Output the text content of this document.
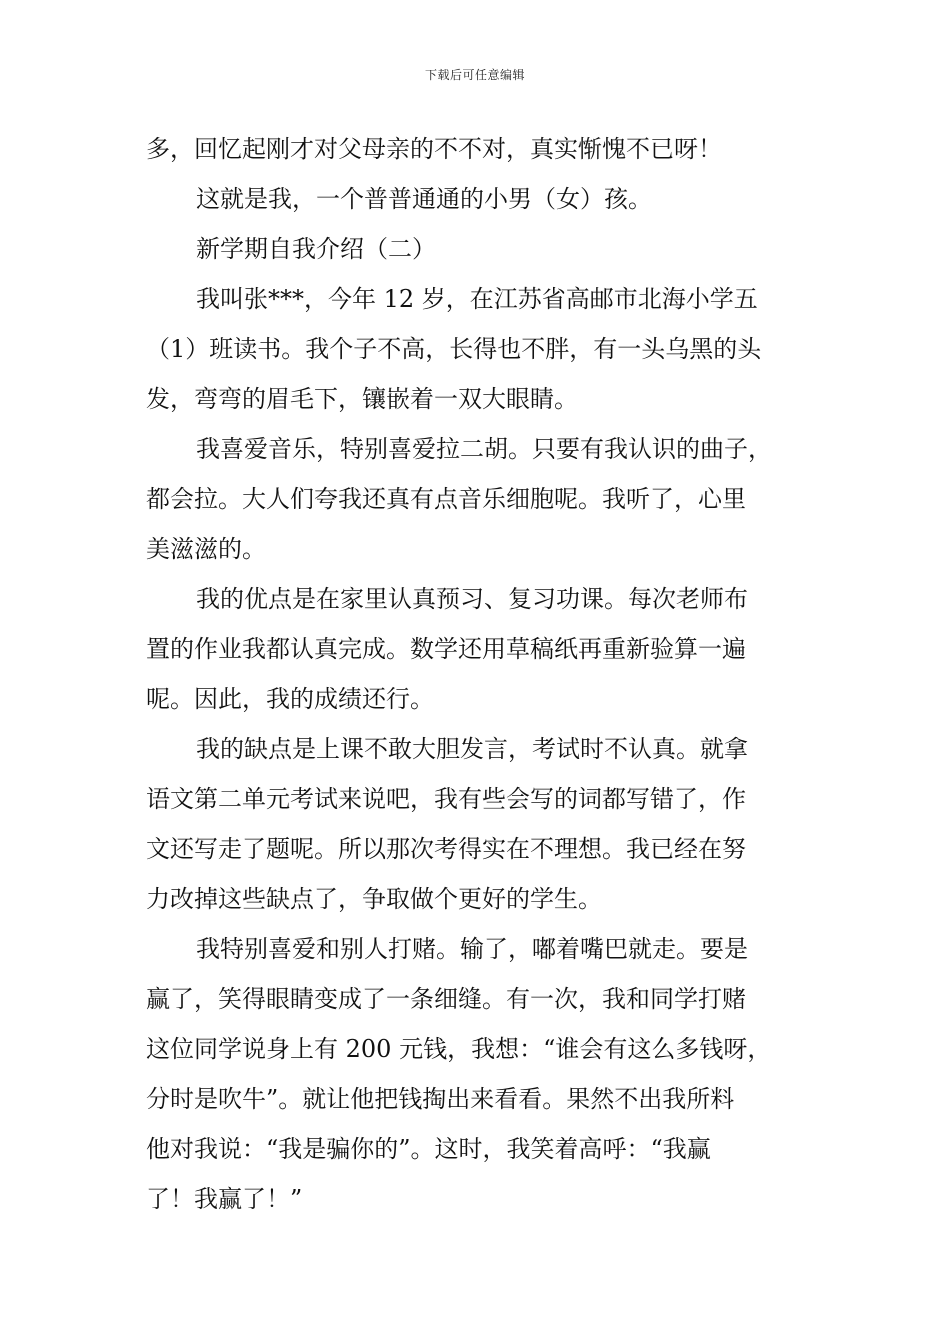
下载后可任意编辑
多，回忆起刚才对父母亲的不不对，真实惭愧不已呀！
这就是我，一个普普通通的小男（女）孩。
新学期自我介绍（二）
我叫张***，今年 12 岁，在江苏省高邮市北海小学五
（1）班读书。我个子不高，长得也不胖，有一头乌黑的头
发，弯弯的眉毛下，镶嵌着一双大眼睛。
我喜爱音乐，特别喜爱拉二胡。只要有我认识的曲子，
都会拉。大人们夸我还真有点音乐细胞呢。我听了，心里
美滋滋的。
我的优点是在家里认真预习、复习功课。每次老师布
置的作业我都认真完成。数学还用草稿纸再重新验算一遍
呢。因此，我的成绩还行。
我的缺点是上课不敢大胆发言，考试时不认真。就拿
语文第二单元考试来说吧，我有些会写的词都写错了，作
文还写走了题呢。所以那次考得实在不理想。我已经在努
力改掉这些缺点了，争取做个更好的学生。
我特别喜爱和别人打赌。输了，嘟着嘴巴就走。要是
赢了，笑得眼睛变成了一条细缝。有一次，我和同学打赌
这位同学说身上有 200 元钱，我想：“谁会有这么多钱呀，
分时是吹牛”。就让他把钱掏出来看看。果然不出我所料
他对我说：“我是骗你的”。这时，我笑着高呼：“我赢
了！我赢了！”
